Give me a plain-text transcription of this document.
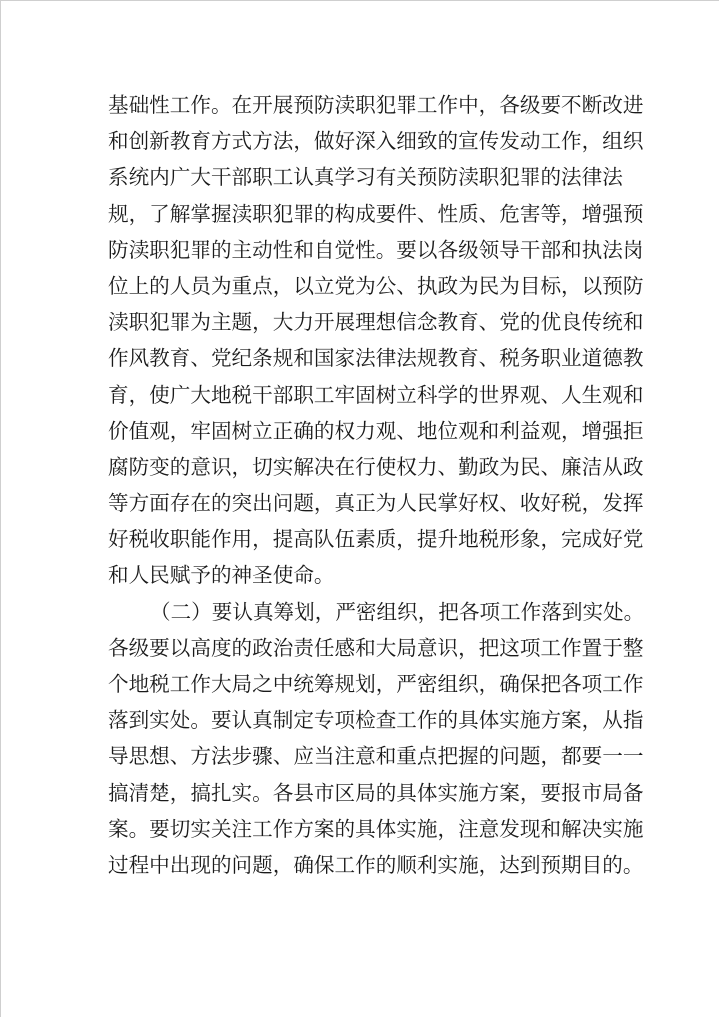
基础性工作。在开展预防渎职犯罪工作中，各级要不断改进
和创新教育方式方法，做好深入细致的宣传发动工作，组织
系统内广大干部职工认真学习有关预防渎职犯罪的法律法
规，了解掌握渎职犯罪的构成要件、性质、危害等，增强预
防渎职犯罪的主动性和自觉性。要以各级领导干部和执法岗
位上的人员为重点，以立党为公、执政为民为目标，以预防
渎职犯罪为主题，大力开展理想信念教育、党的优良传统和
作风教育、党纪条规和国家法律法规教育、税务职业道德教
育，使广大地税干部职工牢固树立科学的世界观、人生观和
价值观，牢固树立正确的权力观、地位观和利益观，增强拒
腐防变的意识，切实解决在行使权力、勤政为民、廉洁从政
等方面存在的突出问题，真正为人民掌好权、收好税，发挥
好税收职能作用，提高队伍素质，提升地税形象，完成好党
和人民赋予的神圣使命。
（二）要认真筹划，严密组织，把各项工作落到实处。
各级要以高度的政治责任感和大局意识，把这项工作置于整
个地税工作大局之中统筹规划，严密组织，确保把各项工作
落到实处。要认真制定专项检查工作的具体实施方案，从指
导思想、方法步骤、应当注意和重点把握的问题，都要一一
搞清楚，搞扎实。各县市区局的具体实施方案，要报市局备
案。要切实关注工作方案的具体实施，注意发现和解决实施
过程中出现的问题，确保工作的顺利实施，达到预期目的。
